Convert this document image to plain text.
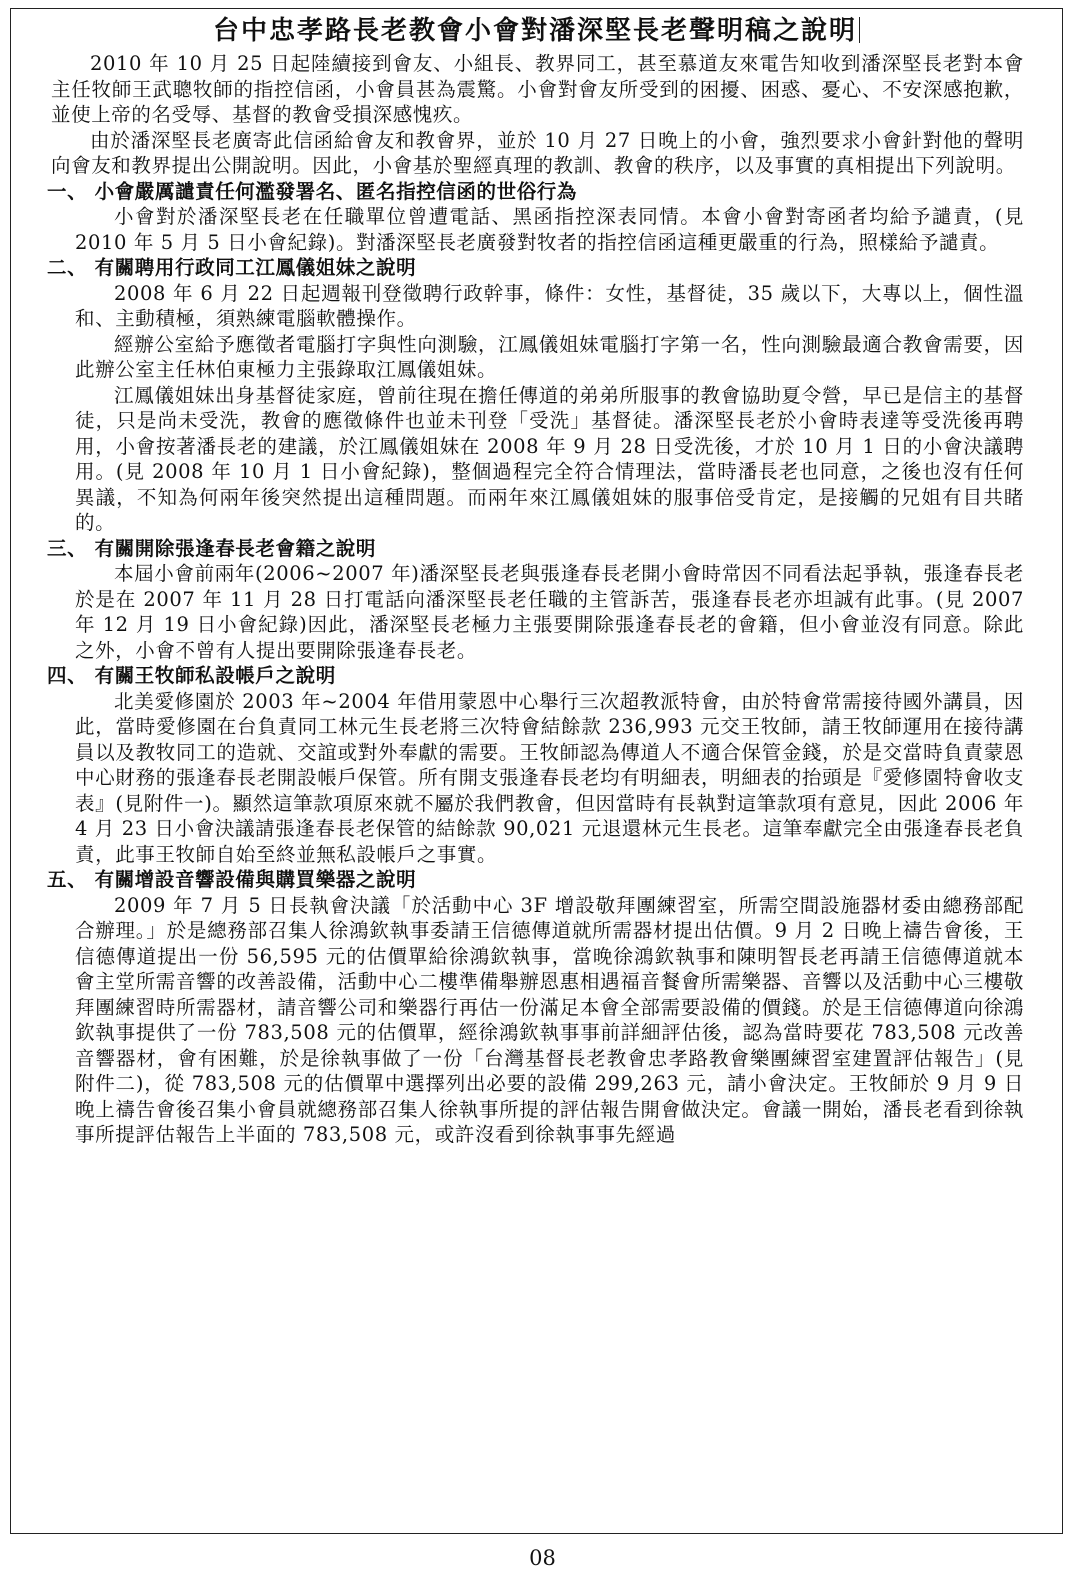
台中忠孝路長老教會小會對潘深堅長老聲明稿之說明

2010 年 10 月 25 日起陸續接到會友、小組長、教界同工，甚至慕道友來電告知收到潘深堅長老對本會主任牧師王武聰牧師的指控信函，小會員甚為震驚。小會對會友所受到的困擾、困惑、憂心、不安深感抱歉，並使上帝的名受辱、基督的教會受損深感愧疚。

由於潘深堅長老廣寄此信函給會友和教會界，並於 10 月 27 日晚上的小會，強烈要求小會針對他的聲明向會友和教界提出公開說明。因此，小會基於聖經真理的教訓、教會的秩序，以及事實的真相提出下列說明。

一、 小會嚴厲譴責任何濫發署名、匿名指控信函的世俗行為

小會對於潘深堅長老在任職單位曾遭電話、黑函指控深表同情。本會小會對寄函者均給予譴責，(見 2010 年 5 月 5 日小會紀錄)。對潘深堅長老廣發對牧者的指控信函這種更嚴重的行為，照樣給予譴責。

二、 有關聘用行政同工江鳳儀姐妹之說明

2008 年 6 月 22 日起週報刊登徵聘行政幹事，條件：女性，基督徒，35 歲以下，大專以上，個性溫和、主動積極，須熟練電腦軟體操作。

經辦公室給予應徵者電腦打字與性向測驗，江鳳儀姐妹電腦打字第一名，性向測驗最適合教會需要，因此辦公室主任林伯東極力主張錄取江鳳儀姐妹。

江鳳儀姐妹出身基督徒家庭，曾前往現在擔任傳道的弟弟所服事的教會協助夏令營，早已是信主的基督徒，只是尚未受洗，教會的應徵條件也並未刊登「受洗」基督徒。潘深堅長老於小會時表達等受洗後再聘用，小會按著潘長老的建議，於江鳳儀姐妹在 2008 年 9 月 28 日受洗後，才於 10 月 1 日的小會決議聘用。(見 2008 年 10 月 1 日小會紀錄)，整個過程完全符合情理法，當時潘長老也同意，之後也沒有任何異議，不知為何兩年後突然提出這種問題。而兩年來江鳳儀姐妹的服事倍受肯定，是接觸的兄姐有目共睹的。

三、 有關開除張逢春長老會籍之說明

本屆小會前兩年(2006~2007 年)潘深堅長老與張逢春長老開小會時常因不同看法起爭執，張逢春長老於是在 2007 年 11 月 28 日打電話向潘深堅長老任職的主管訴苦，張逢春長老亦坦誠有此事。(見 2007 年 12 月 19 日小會紀錄)因此，潘深堅長老極力主張要開除張逢春長老的會籍，但小會並沒有同意。除此之外，小會不曾有人提出要開除張逢春長老。

四、 有關王牧師私設帳戶之說明

北美愛修園於 2003 年~2004 年借用蒙恩中心舉行三次超教派特會，由於特會常需接待國外講員，因此，當時愛修園在台負責同工林元生長老將三次特會結餘款 236,993 元交王牧師，請王牧師運用在接待講員以及教牧同工的造就、交誼或對外奉獻的需要。王牧師認為傳道人不適合保管金錢，於是交當時負責蒙恩中心財務的張逢春長老開設帳戶保管。所有開支張逢春長老均有明細表，明細表的抬頭是『愛修園特會收支表』(見附件一)。顯然這筆款項原來就不屬於我們教會，但因當時有長執對這筆款項有意見，因此 2006 年 4 月 23 日小會決議請張逢春長老保管的結餘款 90,021 元退還林元生長老。這筆奉獻完全由張逢春長老負責，此事王牧師自始至終並無私設帳戶之事實。

五、 有關增設音響設備與購買樂器之說明

2009 年 7 月 5 日長執會決議「於活動中心 3F 增設敬拜團練習室，所需空間設施器材委由總務部配合辦理。」於是總務部召集人徐鴻欽執事委請王信德傳道就所需器材提出估價。9 月 2 日晚上禱告會後，王信德傳道提出一份 56,595 元的估價單給徐鴻欽執事，當晚徐鴻欽執事和陳明智長老再請王信德傳道就本會主堂所需音響的改善設備，活動中心二樓準備舉辦恩惠相遇福音餐會所需樂器、音響以及活動中心三樓敬拜團練習時所需器材，請音響公司和樂器行再估一份滿足本會全部需要設備的價錢。於是王信德傳道向徐鴻欽執事提供了一份 783,508 元的估價單，經徐鴻欽執事事前詳細評估後，認為當時要花 783,508 元改善音響器材，會有困難，於是徐執事做了一份「台灣基督長老教會忠孝路教會樂團練習室建置評估報告」(見附件二)，從 783,508 元的估價單中選擇列出必要的設備 299,263 元，請小會決定。王牧師於 9 月 9 日晚上禱告會後召集小會員就總務部召集人徐執事所提的評估報告開會做決定。會議一開始，潘長老看到徐執事所提評估報告上半面的 783,508 元，或許沒看到徐執事事先經過

08
